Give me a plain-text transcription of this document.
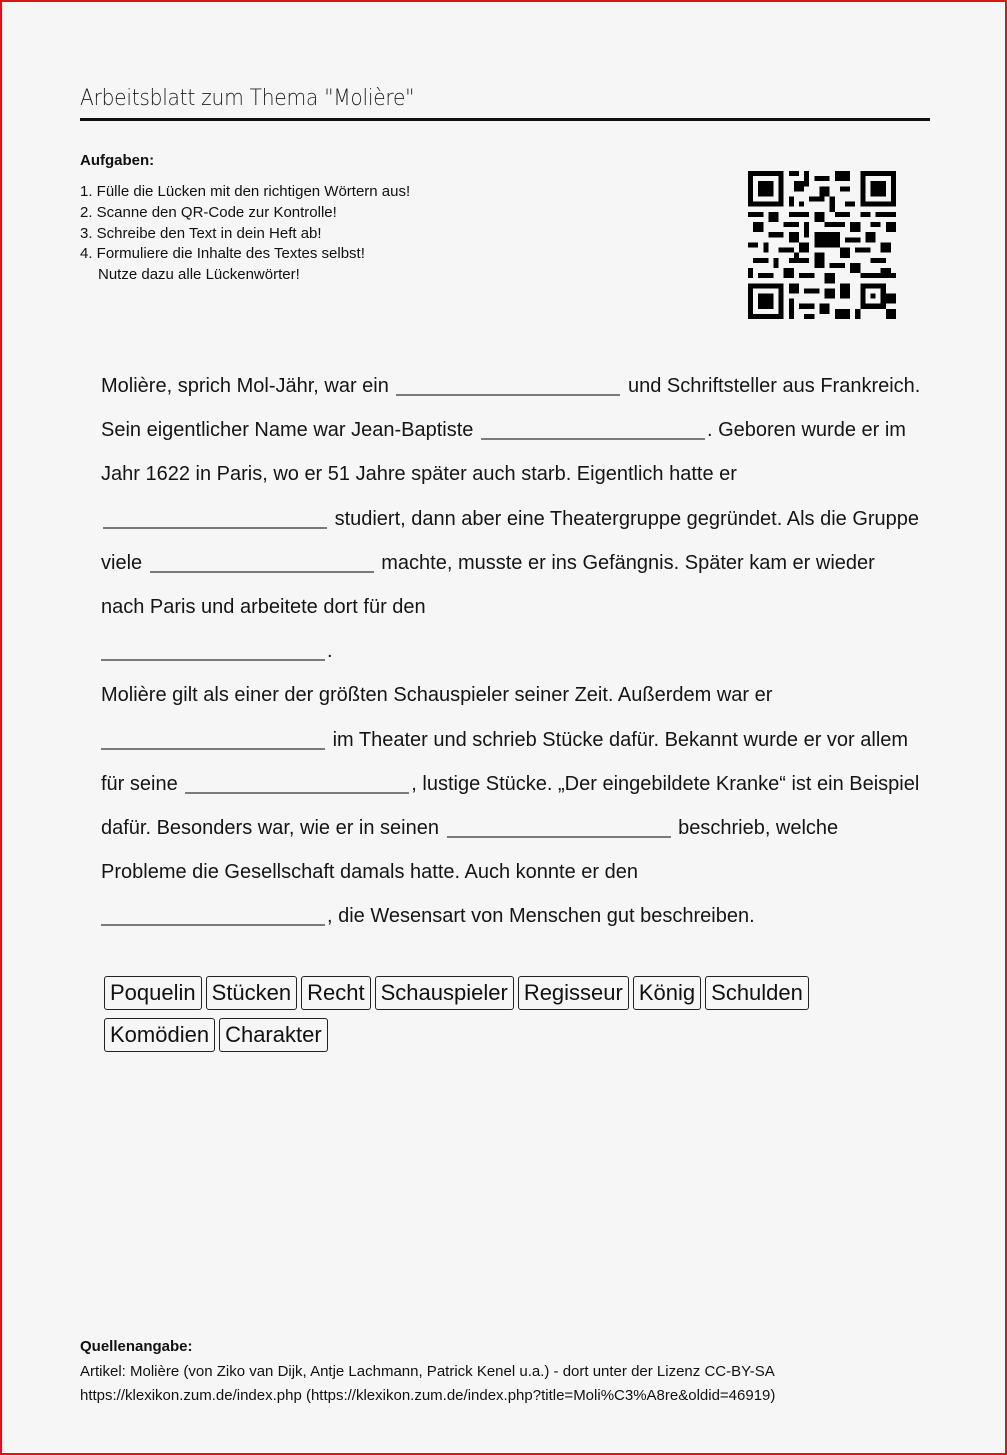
Arbeitsblatt zum Thema "Molière"
Aufgaben:
1. Fülle die Lücken mit den richtigen Wörtern aus!
2. Scanne den QR-Code zur Kontrolle!
3. Schreibe den Text in dein Heft ab!
4. Formuliere die Inhalte des Textes selbst!
Nutze dazu alle Lückenwörter!
Molière, sprich Mol-Jähr, war ein	und Schriftsteller aus Frankreich. Sein eigentlicher Name war Jean-Baptiste	. Geboren wurde er im Jahr 1622 in Paris, wo er 51 Jahre später auch starb. Eigentlich hatte er  studiert, dann aber eine Theatergruppe gegründet. Als die Gruppe viele	machte, musste er ins Gefängnis. Später kam er wieder nach Paris und arbeitete dort für den
.
Molière gilt als einer der größten Schauspieler seiner Zeit. Außerdem war er
im Theater und schrieb Stücke dafür. Bekannt wurde er vor allem für seine	, lustige Stücke. „Der eingebildete Kranke“ ist ein Beispiel dafür. Besonders war, wie er in seinen	beschrieb, welche Probleme die Gesellschaft damals hatte. Auch konnte er den
, die Wesensart von Menschen gut beschreiben.
Poquelin Stücken Recht Schauspieler Regisseur König Schulden
Komödien Charakter
Quellenangabe:
Artikel: Molière (von Ziko van Dijk, Antje Lachmann, Patrick Kenel u.a.) - dort unter der Lizenz CC-BY-SA
https://klexikon.zum.de/index.php (https://klexikon.zum.de/index.php?title=Moli%C3%A8re&oldid=46919)
